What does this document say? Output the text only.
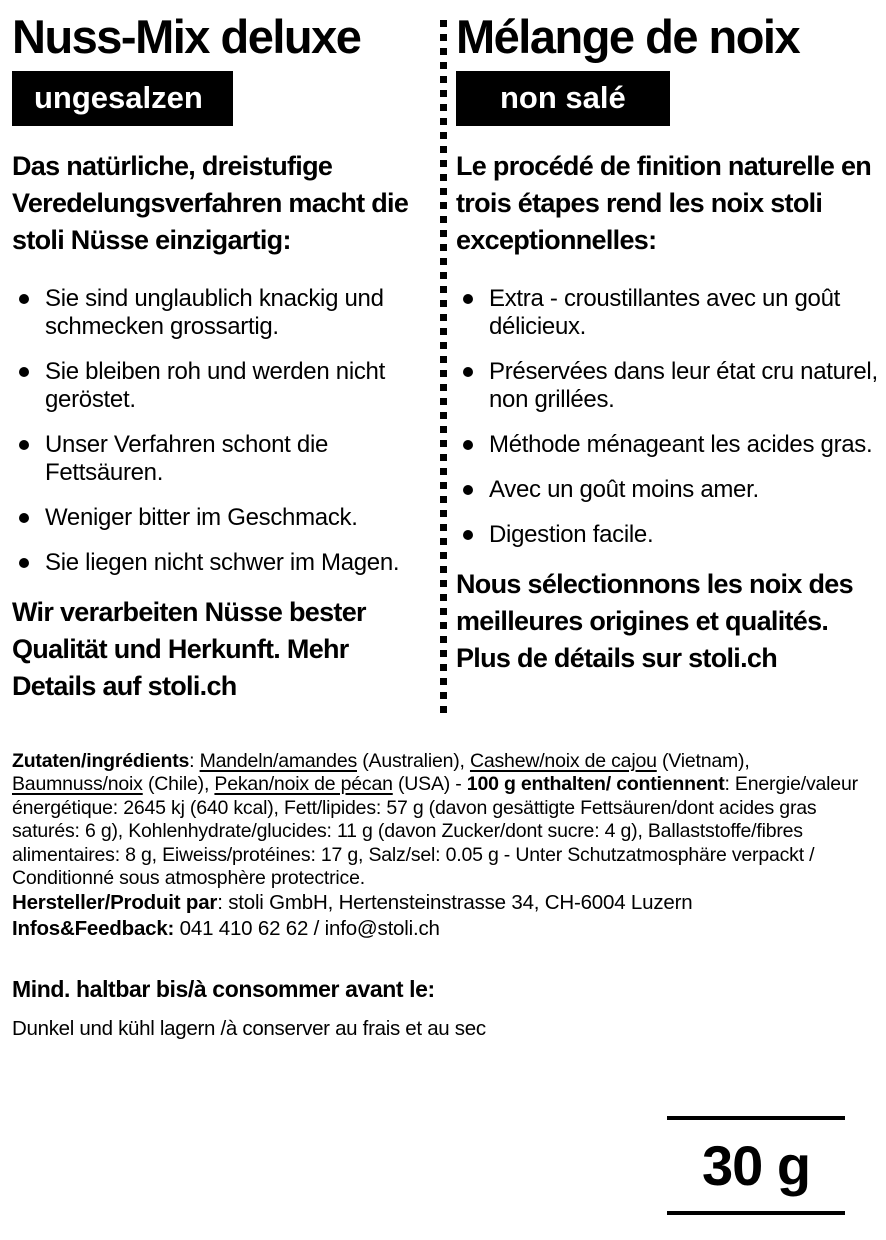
Nuss-Mix deluxe
ungesalzen

Das natürliche, dreistufige Veredelungsverfahren macht die stoli Nüsse einzigartig:

Sie sind unglaublich knackig und schmecken grossartig.
Sie bleiben roh und werden nicht geröstet.
Unser Verfahren schont die Fettsäuren.
Weniger bitter im Geschmack.
Sie liegen nicht schwer im Magen.

Wir verarbeiten Nüsse bester Qualität und Herkunft. Mehr Details auf stoli.ch

Mélange de noix
non salé

Le procédé de finition naturelle en trois étapes rend les noix stoli exceptionnelles:

Extra - croustillantes avec un goût délicieux.
Préservées dans leur état cru naturel, non grillées.
Méthode ménageant les acides gras.
Avec un goût moins amer.
Digestion facile.

Nous sélectionnons les noix des meilleures origines et qualités. Plus de détails sur stoli.ch

Zutaten/ingrédients: Mandeln/amandes (Australien), Cashew/noix de cajou (Vietnam), Baumnuss/noix (Chile), Pekan/noix de pécan (USA) - 100 g enthalten/ contiennent: Energie/valeur énergétique: 2645 kj (640 kcal), Fett/lipides: 57 g (davon gesättigte Fettsäuren/dont acides gras saturés: 6 g), Kohlenhydrate/glucides: 11 g (davon Zucker/dont sucre: 4 g), Ballaststoffe/fibres alimentaires: 8 g, Eiweiss/protéines: 17 g, Salz/sel: 0.05 g - Unter Schutzatmosphäre verpackt / Conditionné sous atmosphère protectrice.

Hersteller/Produit par: stoli GmbH, Hertensteinstrasse 34, CH-6004 Luzern

Infos&Feedback: 041 410 62 62 / info@stoli.ch

Mind. haltbar bis/à consommer avant le:

Dunkel und kühl lagern /à conserver au frais et au sec

30 g
